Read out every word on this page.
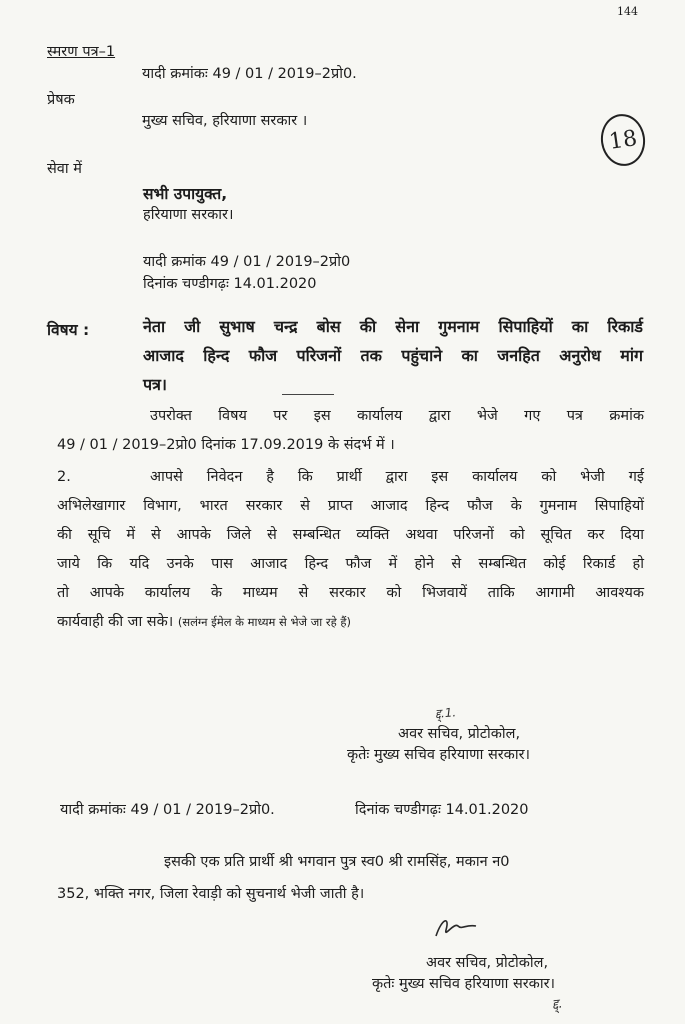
144
18
स्मरण पत्र–1
यादी क्रमांकः 49 / 01 / 2019–2प्रो0.
प्रेषक
मुख्य सचिव, हरियाणा सरकार ।
सेवा में
सभी उपायुक्त,
हरियाणा सरकार।
यादी क्रमांक 49 / 01 / 2019–2प्रो0
दिनांक चण्डीगढ़ः 14.01.2020
विषय :	नेता जी सुभाष चन्द्र बोस की सेना गुमनाम सिपाहियों का रिकार्ड
आजाद हिन्द फौज परिजनों तक पहुंचाने का जनहित अनुरोध मांग
पत्र।
उपरोक्त विषय पर इस कार्यालय द्वारा भेजे गए पत्र क्रमांक
49 / 01 / 2019–2प्रो0 दिनांक 17.09.2019 के संदर्भ में ।
2.	आपसे निवेदन है कि प्रार्थी द्वारा इस कार्यालय को भेजी गई
अभिलेखागार विभाग, भारत सरकार से प्राप्त आजाद हिन्द फौज के गुमनाम सिपाहियों
की सूचि में से आपके जिले से सम्बन्धित व्यक्ति अथवा परिजनों को सूचित कर दिया
जाये कि यदि उनके पास आजाद हिन्द फौज में होने से सम्बन्धित कोई रिकार्ड हो
तो आपके कार्यालय के माध्यम से सरकार को भिजवायें ताकि आगामी आवश्यक
कार्यवाही की जा सके। (सलंग्न ईमेल के माध्यम से भेजे जा रहे हैं)
द्द्.1.
अवर सचिव, प्रोटोकोल,
कृतेः मुख्य सचिव हरियाणा सरकार।
यादी क्रमांकः 49 / 01 / 2019–2प्रो0.	दिनांक चण्डीगढ़ः 14.01.2020
इसकी एक प्रति प्रार्थी श्री भगवान पुत्र स्व0 श्री रामसिंह, मकान न0
352, भक्ति नगर, जिला रेवाड़ी को सुचनार्थ भेजी जाती है।
अवर सचिव, प्रोटोकोल,
कृतेः मुख्य सचिव हरियाणा सरकार।
द्द्.
